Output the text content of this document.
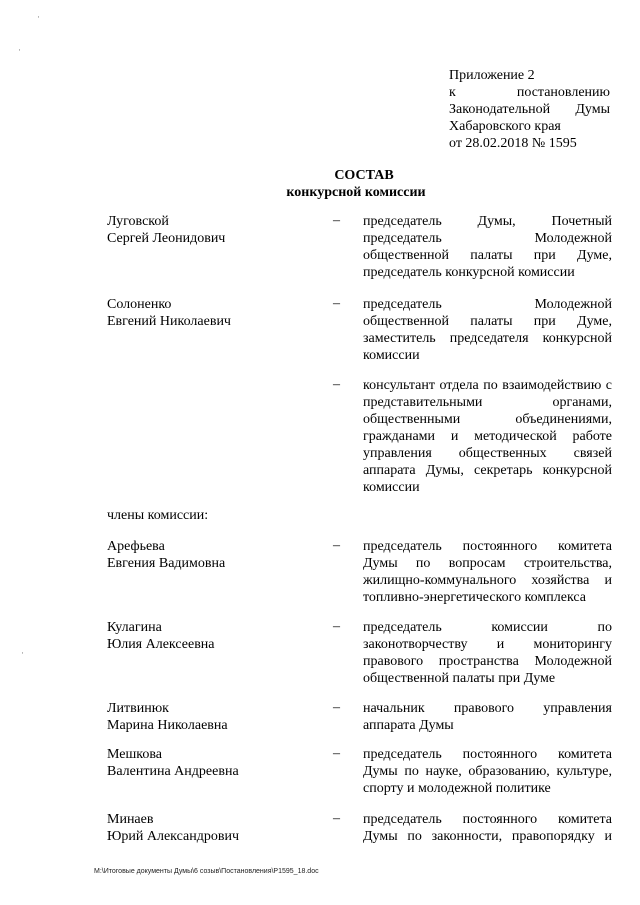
·
·
·
Приложение 2
к	постановлению
Законодательной Думы
Хабаровского края
от 28.02.2018 № 1595
СОСТАВ
конкурсной комиссии
Луговской
Сергей Леонидович
– председатель Думы, Почетный
председатель Молодежной
общественной палаты при Думе,
председатель конкурсной комиссии
Солоненко
Евгений Николаевич
– председатель Молодежной
общественной палаты при Думе,
заместитель председателя конкурсной
комиссии
– консультант отдела по взаимодействию с
представительными органами,
общественными объединениями,
гражданами и методической работе
управления общественных связей
аппарата Думы, секретарь конкурсной
комиссии
члены комиссии:
Арефьева
Евгения Вадимовна
– председатель постоянного комитета
Думы по вопросам строительства,
жилищно-коммунального хозяйства и
топливно-энергетического комплекса
Кулагина
Юлия Алексеевна
– председатель комиссии по
законотворчеству и мониторингу
правового пространства Молодежной
общественной палаты при Думе
Литвинюк
Марина Николаевна
– начальник правового управления
аппарата Думы
Мешкова
Валентина Андреевна
– председатель постоянного комитета
Думы по науке, образованию, культуре,
спорту и молодежной политике
Минаев
Юрий Александрович
– председатель постоянного комитета
Думы по законности, правопорядку и
М:\Итоговые документы Думы\6 созыв\Постановления\Р1595_18.doc
